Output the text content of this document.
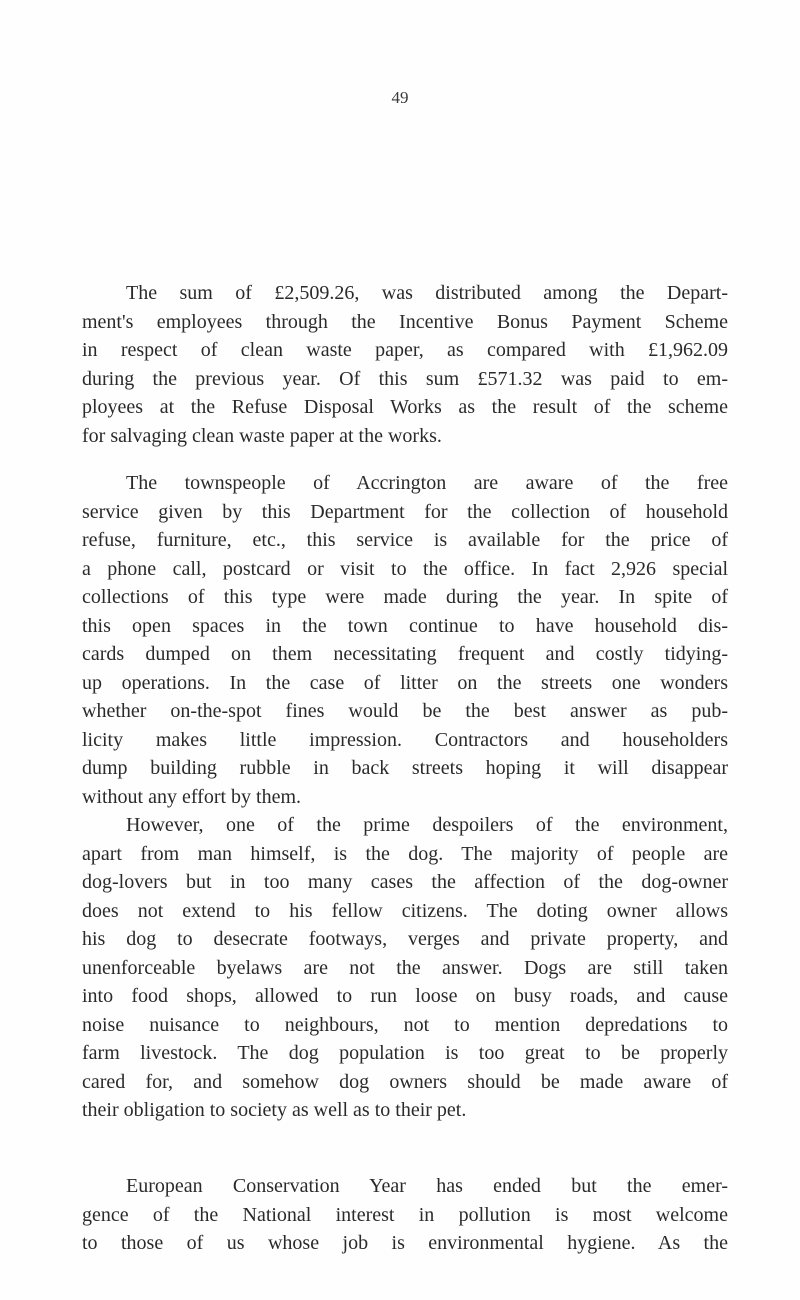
49
The sum of £2,509.26, was distributed among the Depart-
ment's employees through the Incentive Bonus Payment Scheme
in respect of clean waste paper, as compared with £1,962.09
during the previous year. Of this sum £571.32 was paid to em-
ployees at the Refuse Disposal Works as the result of the scheme
for salvaging clean waste paper at the works.
The townspeople of Accrington are aware of the free
service given by this Department for the collection of household
refuse, furniture, etc., this service is available for the price of
a phone call, postcard or visit to the office. In fact 2,926 special
collections of this type were made during the year. In spite of
this open spaces in the town continue to have household dis-
cards dumped on them necessitating frequent and costly tidying-
up operations. In the case of litter on the streets one wonders
whether on-the-spot fines would be the best answer as pub-
licity makes little impression. Contractors and householders
dump building rubble in back streets hoping it will disappear
without any effort by them.
However, one of the prime despoilers of the environment,
apart from man himself, is the dog. The majority of people are
dog-lovers but in too many cases the affection of the dog-owner
does not extend to his fellow citizens. The doting owner allows
his dog to desecrate footways, verges and private property, and
unenforceable byelaws are not the answer. Dogs are still taken
into food shops, allowed to run loose on busy roads, and cause
noise nuisance to neighbours, not to mention depredations to
farm livestock. The dog population is too great to be properly
cared for, and somehow dog owners should be made aware of
their obligation to society as well as to their pet.
European Conservation Year has ended but the emer-
gence of the National interest in pollution is most welcome
to those of us whose job is environmental hygiene. As the
